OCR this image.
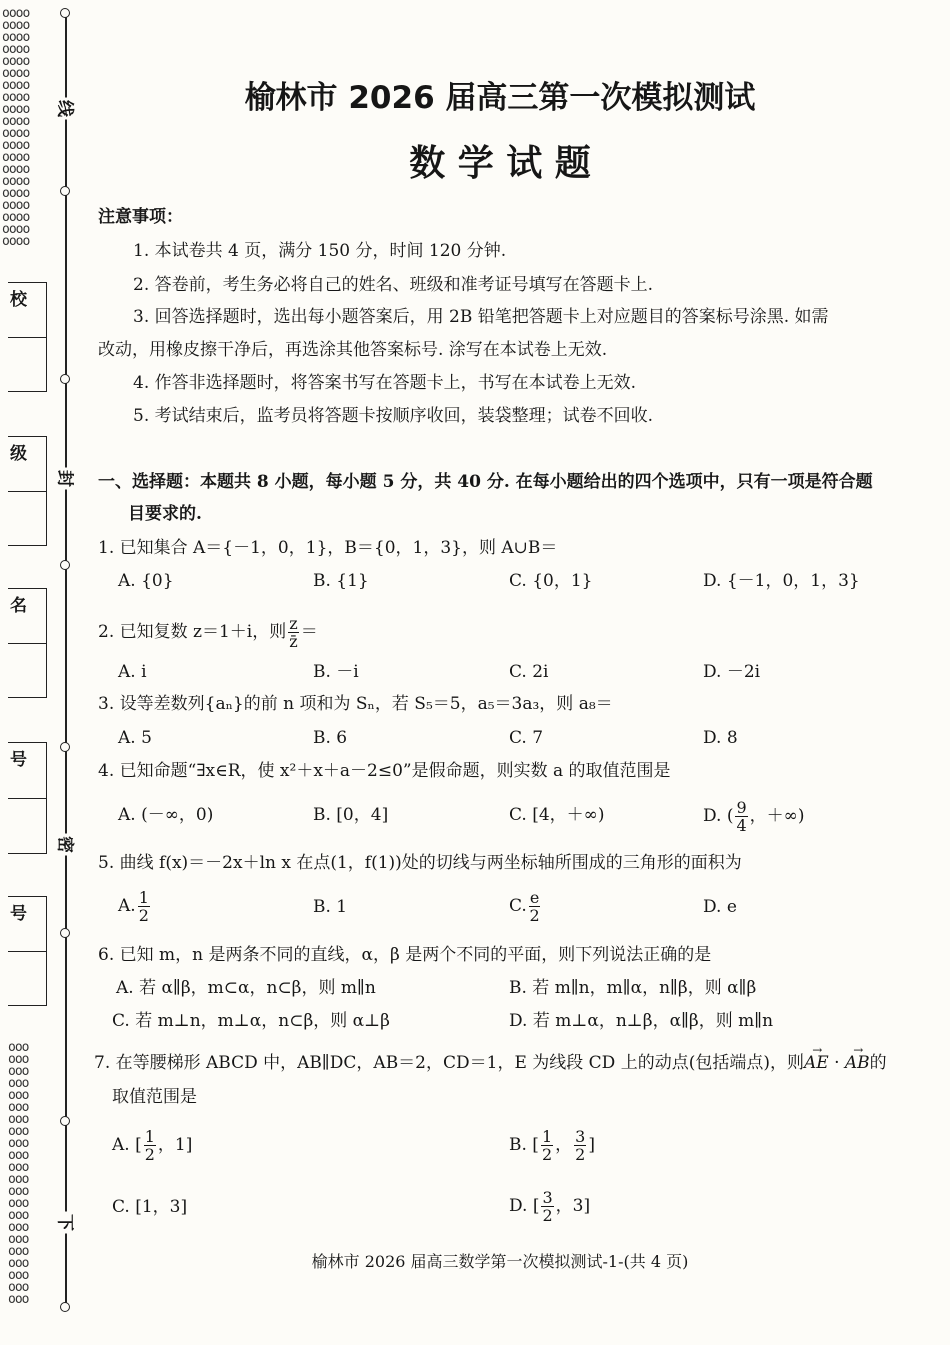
oooo
oooo
oooo
oooo
oooo
oooo
oooo
oooo
oooo
oooo
oooo
oooo
oooo
oooo
oooo
oooo
oooo
oooo
oooo
oooo
ooo
ooo
ooo
ooo
ooo
ooo
ooo
ooo
ooo
ooo
ooo
ooo
ooo
ooo
ooo
ooo
ooo
ooo
ooo
ooo
ooo
ooo
线
封
密
下
校
级
名
号
号
榆林市 2026 届高三第一次模拟测试
数 学 试 题
注意事项：
1. 本试卷共 4 页，满分 150 分，时间 120 分钟.
2. 答卷前，考生务必将自己的姓名、班级和准考证号填写在答题卡上.
3. 回答选择题时，选出每小题答案后，用 2B 铅笔把答题卡上对应题目的答案标号涂黑. 如需
改动，用橡皮擦干净后，再选涂其他答案标号. 涂写在本试卷上无效.
4. 作答非选择题时，将答案书写在答题卡上，书写在本试卷上无效.
5. 考试结束后，监考员将答题卡按顺序收回，装袋整理；试卷不回收.
一、选择题：本题共 8 小题，每小题 5 分，共 40 分. 在每小题给出的四个选项中，只有一项是符合题
目要求的.
1. 已知集合 A＝{－1，0，1}，B＝{0，1，3}，则 A∪B＝
A. {0}	B. {1}	C. {0，1}	D. {－1，0，1，3}
2. 已知复数 z＝1＋i，则 $\frac{z}{z̄}$ ＝
A. i	B. －i	C. 2i	D. －2i
3. 设等差数列{aₙ}的前 n 项和为 Sₙ，若 S₅＝5，a₅＝3a₃，则 a₈＝
A. 5	B. 6	C. 7	D. 8
4. 已知命题“∃x∈R，使 x²＋x＋a－2≤0”是假命题，则实数 a 的取值范围是
A. (－∞，0)	B. [0，4]	C. [4，＋∞)	D. ( $\frac{9}{4}$ ，＋∞)
5. 曲线 f(x)＝－2x＋ln x 在点(1，f(1))处的切线与两坐标轴所围成的三角形的面积为
A. $\frac{1}{2}$	B. 1	C. $\frac{e}{2}$	D. e
6. 已知 m，n 是两条不同的直线，α，β 是两个不同的平面，则下列说法正确的是
A. 若 α∥β，m⊂α，n⊂β，则 m∥n	B. 若 m∥n，m∥α，n∥β，则 α∥β
C. 若 m⊥n，m⊥α，n⊂β，则 α⊥β	D. 若 m⊥α，n⊥β，α∥β，则 m∥n
7. 在等腰梯形 ABCD 中，AB∥DC，AB＝2，CD＝1，E 为线段 CD 上的动点(包括端点)，则→ AE · → AB的
取值范围是
A. [ $\frac{1}{2}$ ，1]	B. [ $\frac{1}{2}$ ， $\frac{3}{2}$ ]
C. [1，3]	D. [ $\frac{3}{2}$ ，3]
榆林市 2026 届高三数学第一次模拟测试-1-(共 4 页)
